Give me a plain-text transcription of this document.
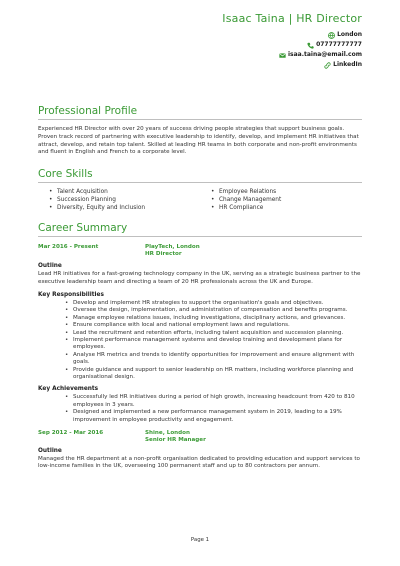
Isaac Taina | HR Director
London
07777777777
isaa.taina@email.com
LinkedIn
Professional Profile
Experienced HR Director with over 20 years of success driving people strategies that support business goals. Proven track record of partnering with executive leadership to identify, develop, and implement HR initiatives that attract, develop, and retain top talent. Skilled at leading HR teams in both corporate and non-profit environments and fluent in English and French to a corporate level.
Core Skills
• Talent Acquisition
• Succession Planning
• Diversity, Equity and Inclusion
• Employee Relations
• Change Management
• HR Compliance
Career Summary
Mar 2016 - Present	PlayTech, London
HR Director
Outline
Lead HR initiatives for a fast-growing technology company in the UK, serving as a strategic business partner to the executive leadership team and directing a team of 20 HR professionals across the UK and Europe.
Key Responsibilities
• Develop and implement HR strategies to support the organisation's goals and objectives.
• Oversee the design, implementation, and administration of compensation and benefits programs.
• Manage employee relations issues, including investigations, disciplinary actions, and grievances.
• Ensure compliance with local and national employment laws and regulations.
• Lead the recruitment and retention efforts, including talent acquisition and succession planning.
• Implement performance management systems and develop training and development plans for employees.
• Analyse HR metrics and trends to identify opportunities for improvement and ensure alignment with goals.
• Provide guidance and support to senior leadership on HR matters, including workforce planning and organisational design.
Key Achievements
• Successfully led HR initiatives during a period of high growth, increasing headcount from 420 to 810 employees in 3 years.
• Designed and implemented a new performance management system in 2019, leading to a 19% improvement in employee productivity and engagement.
Sep 2012 - Mar 2016	Shine, London
Senior HR Manager
Outline
Managed the HR department at a non-profit organisation dedicated to providing education and support services to low-income families in the UK, overseeing 100 permanent staff and up to 80 contractors per annum.
Page 1
